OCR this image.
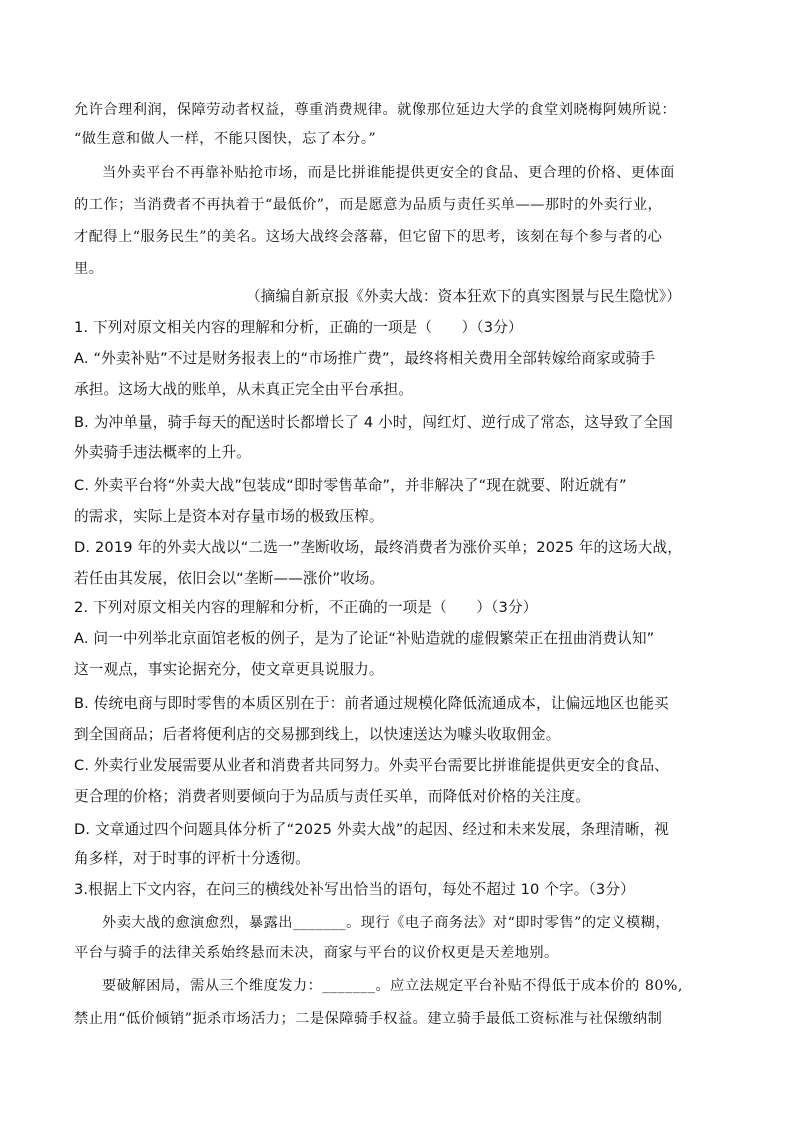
允许合理利润，保障劳动者权益，尊重消费规律。就像那位延边大学的食堂刘晓梅阿姨所说：
“做生意和做人一样，不能只图快，忘了本分。”
当外卖平台不再靠补贴抢市场，而是比拼谁能提供更安全的食品、更合理的价格、更体面
的工作；当消费者不再执着于“最低价”，而是愿意为品质与责任买单——那时的外卖行业，
才配得上“服务民生”的美名。这场大战终会落幕，但它留下的思考，该刻在每个参与者的心
里。
（摘编自新京报《外卖大战：资本狂欢下的真实图景与民生隐忧》）
1. 下列对原文相关内容的理解和分析，正确的一项是（　　）（3分）
A. “外卖补贴”不过是财务报表上的“市场推广费”，最终将相关费用全部转嫁给商家或骑手
承担。这场大战的账单，从未真正完全由平台承担。
B. 为冲单量，骑手每天的配送时长都增长了 4 小时，闯红灯、逆行成了常态，这导致了全国
外卖骑手违法概率的上升。
C. 外卖平台将“外卖大战”包装成“即时零售革命”，并非解决了“现在就要、附近就有”
的需求，实际上是资本对存量市场的极致压榨。
D. 2019 年的外卖大战以“二选一”垄断收场，最终消费者为涨价买单；2025 年的这场大战，
若任由其发展，依旧会以“垄断——涨价”收场。
2. 下列对原文相关内容的理解和分析，不正确的一项是（　　）（3分）
A. 问一中列举北京面馆老板的例子，是为了论证“补贴造就的虚假繁荣正在扭曲消费认知”
这一观点，事实论据充分，使文章更具说服力。
B. 传统电商与即时零售的本质区别在于：前者通过规模化降低流通成本，让偏远地区也能买
到全国商品；后者将便利店的交易挪到线上，以快速送达为噱头收取佣金。
C. 外卖行业发展需要从业者和消费者共同努力。外卖平台需要比拼谁能提供更安全的食品、
更合理的价格；消费者则要倾向于为品质与责任买单，而降低对价格的关注度。
D. 文章通过四个问题具体分析了“2025 外卖大战”的起因、经过和未来发展，条理清晰，视
角多样，对于时事的评析十分透彻。
3.根据上下文内容，在问三的横线处补写出恰当的语句，每处不超过 10 个字。（3分）
外卖大战的愈演愈烈，暴露出_______。现行《电子商务法》对“即时零售”的定义模糊，
平台与骑手的法律关系始终悬而未决，商家与平台的议价权更是天差地别。
要破解困局，需从三个维度发力：_______。应立法规定平台补贴不得低于成本价的 80%,
禁止用“低价倾销”扼杀市场活力；二是保障骑手权益。建立骑手最低工资标准与社保缴纳制
